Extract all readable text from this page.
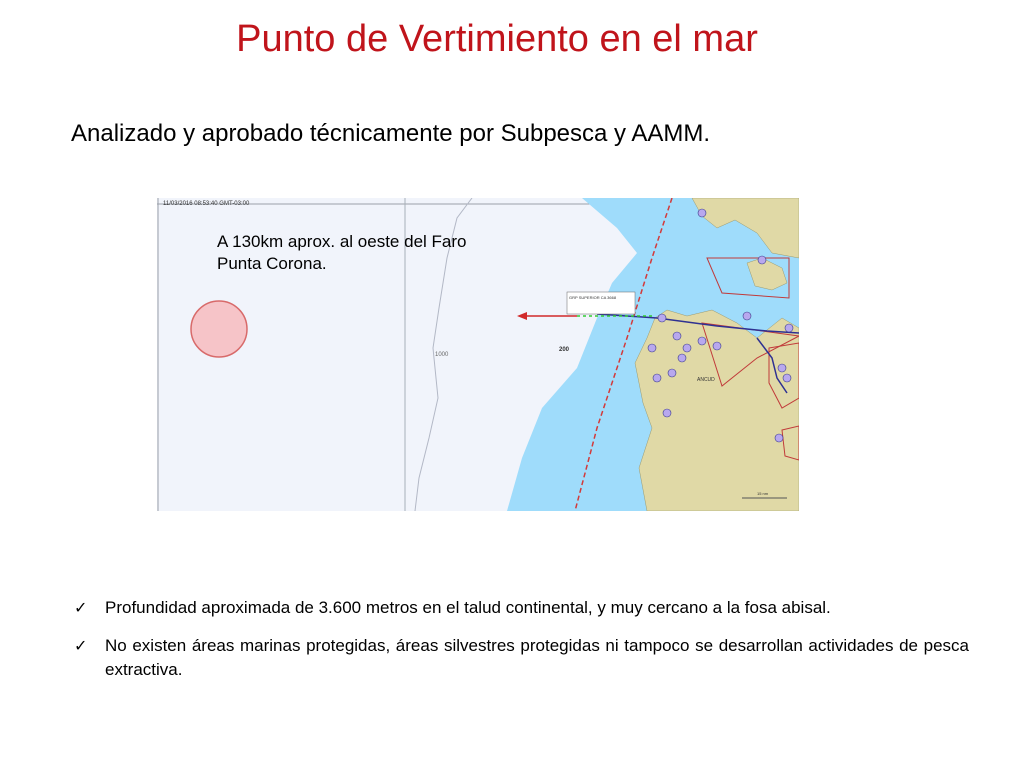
Punto de Vertimiento en el mar
Analizado y aprobado técnicamente por Subpesca y AAMM.
1000
200
ANCUD
GRP SUPERIOR CA 3668
15 nm
11/03/2016 08:53:40 GMT-03:00
A 130km aprox. al oeste del Faro
Punta Corona.
✓ Profundidad aproximada de 3.600 metros en el talud continental, y muy cercano a la fosa abisal.
✓ No existen áreas marinas protegidas, áreas silvestres protegidas ni tampoco se desarrollan actividades de pesca extractiva.
